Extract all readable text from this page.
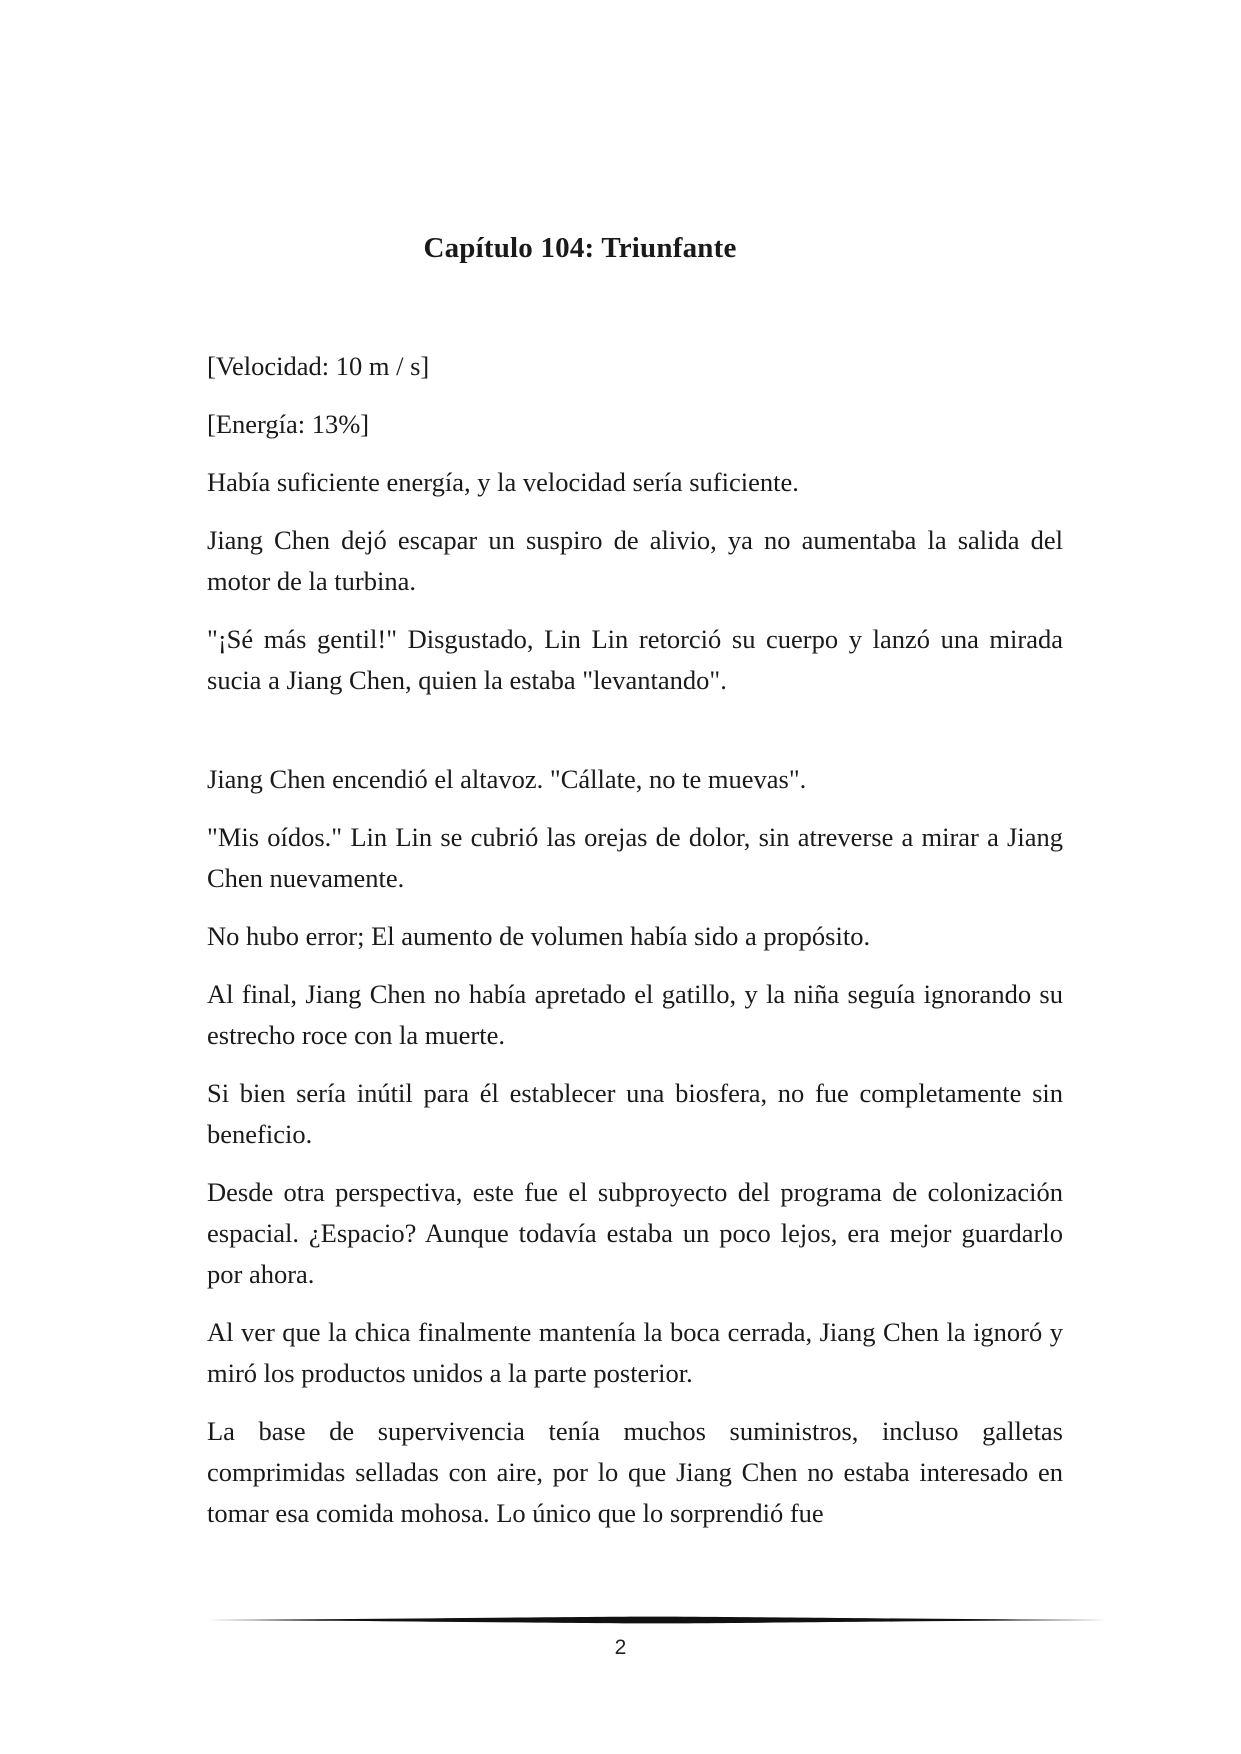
Capítulo 104: Triunfante

[Velocidad: 10 m / s]

[Energía: 13%]

Había suficiente energía, y la velocidad sería suficiente.

Jiang Chen dejó escapar un suspiro de alivio, ya no aumentaba la salida del motor de la turbina.

"¡Sé más gentil!" Disgustado, Lin Lin retorció su cuerpo y lanzó una mirada sucia a Jiang Chen, quien la estaba "levantando".

Jiang Chen encendió el altavoz. "Cállate, no te muevas".

"Mis oídos." Lin Lin se cubrió las orejas de dolor, sin atreverse a mirar a Jiang Chen nuevamente.

No hubo error; El aumento de volumen había sido a propósito.

Al final, Jiang Chen no había apretado el gatillo, y la niña seguía ignorando su estrecho roce con la muerte.

Si bien sería inútil para él establecer una biosfera, no fue completamente sin beneficio.

Desde otra perspectiva, este fue el subproyecto del programa de colonización espacial. ¿Espacio? Aunque todavía estaba un poco lejos, era mejor guardarlo por ahora.

Al ver que la chica finalmente mantenía la boca cerrada, Jiang Chen la ignoró y miró los productos unidos a la parte posterior.

La base de supervivencia tenía muchos suministros, incluso galletas comprimidas selladas con aire, por lo que Jiang Chen no estaba interesado en tomar esa comida mohosa. Lo único que lo sorprendió fue

2
